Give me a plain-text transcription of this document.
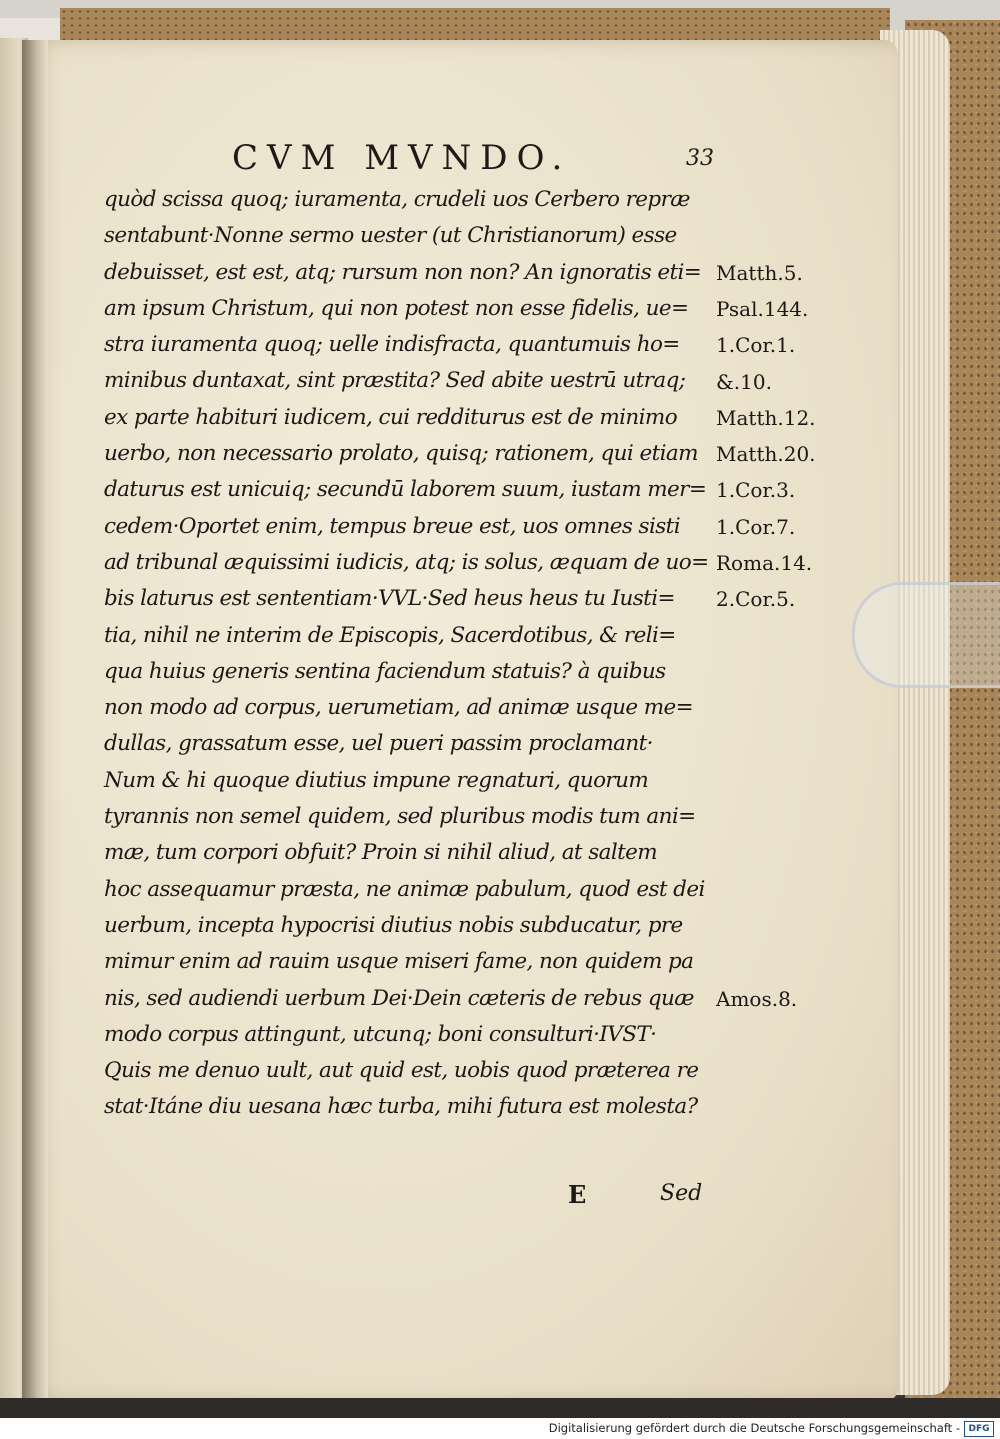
CVM MVNDO.	33
quòd scissa quoq; iuramenta, crudeli uos Cerbero repræ
sentabunt·Nonne sermo uester (ut Christianorum) esse
debuisset, est est, atq; rursum non non? An ignoratis eti=
am ipsum Christum, qui non potest non esse fidelis, ue=
stra iuramenta quoq; uelle indisfracta, quantumuis ho=
minibus duntaxat, sint præstita? Sed abite uestrū utraq;
ex parte habituri iudicem, cui redditurus est de minimo
uerbo, non necessario prolato, quisq; rationem, qui etiam
daturus est unicuiq; secundū laborem suum, iustam mer=
cedem·Oportet enim, tempus breue est, uos omnes sisti
ad tribunal æquissimi iudicis, atq; is solus, æquam de uo=
bis laturus est sententiam·VVL·Sed heus heus tu Iusti=
tia, nihil ne interim de Episcopis, Sacerdotibus, & reli=
qua huius generis sentina faciendum statuis? à quibus
non modo ad corpus, uerumetiam, ad animæ usque me=
dullas, grassatum esse, uel pueri passim proclamant·
Num & hi quoque diutius impune regnaturi, quorum
tyrannis non semel quidem, sed pluribus modis tum ani=
mæ, tum corpori obfuit? Proin si nihil aliud, at saltem
hoc assequamur præsta, ne animæ pabulum, quod est dei
uerbum, incepta hypocrisi diutius nobis subducatur, pre
mimur enim ad rauim usque miseri fame, non quidem pa
nis, sed audiendi uerbum Dei·Dein cæteris de rebus quæ
modo corpus attingunt, utcunq; boni consulturi·IVST·
Quis me denuo uult, aut quid est, uobis quod præterea re
stat·Itáne diu uesana hæc turba, mihi futura est molesta?
Matth.5.
Psal.144.
1.Cor.1.
&.10.
Matth.12.
Matth.20.
1.Cor.3.
1.Cor.7.
Roma.14.
2.Cor.5.
Amos.8.
E	Sed
Digitalisierung gefördert durch die Deutsche Forschungsgemeinschaft - DFG
